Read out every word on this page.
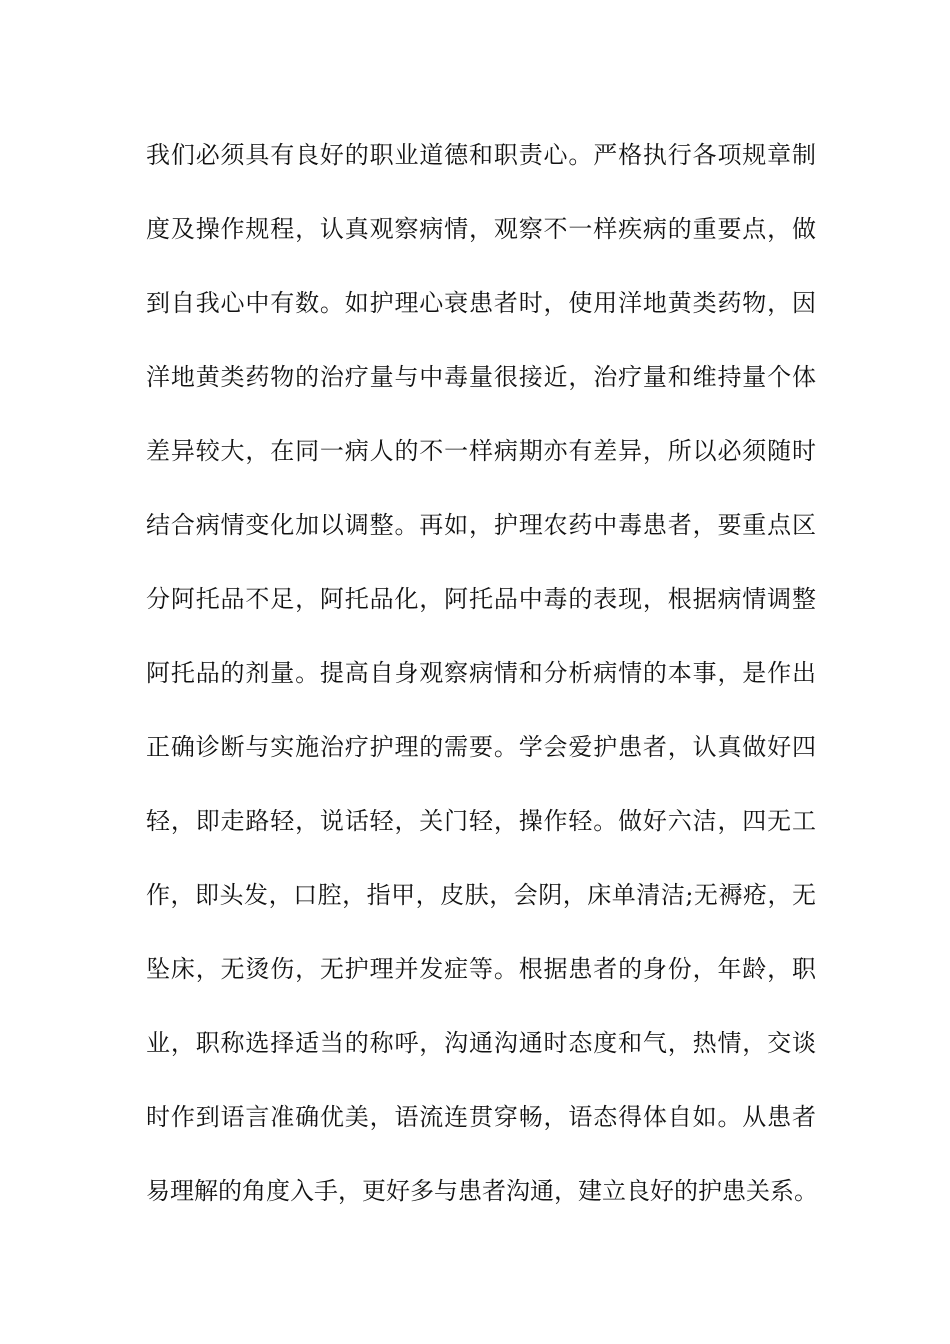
我们必须具有良好的职业道德和职责心。严格执行各项规章制
度及操作规程，认真观察病情，观察不一样疾病的重要点，做
到自我心中有数。如护理心衰患者时，使用洋地黄类药物，因
洋地黄类药物的治疗量与中毒量很接近，治疗量和维持量个体
差异较大，在同一病人的不一样病期亦有差异，所以必须随时
结合病情变化加以调整。再如，护理农药中毒患者，要重点区
分阿托品不足，阿托品化，阿托品中毒的表现，根据病情调整
阿托品的剂量。提高自身观察病情和分析病情的本事，是作出
正确诊断与实施治疗护理的需要。学会爱护患者，认真做好四
轻，即走路轻，说话轻，关门轻，操作轻。做好六洁，四无工
作，即头发，口腔，指甲，皮肤，会阴，床单清洁;无褥疮，无
坠床，无烫伤，无护理并发症等。根据患者的身份，年龄，职
业，职称选择适当的称呼，沟通沟通时态度和气，热情，交谈
时作到语言准确优美，语流连贯穿畅，语态得体自如。从患者
易理解的角度入手，更好多与患者沟通，建立良好的护患关系。
